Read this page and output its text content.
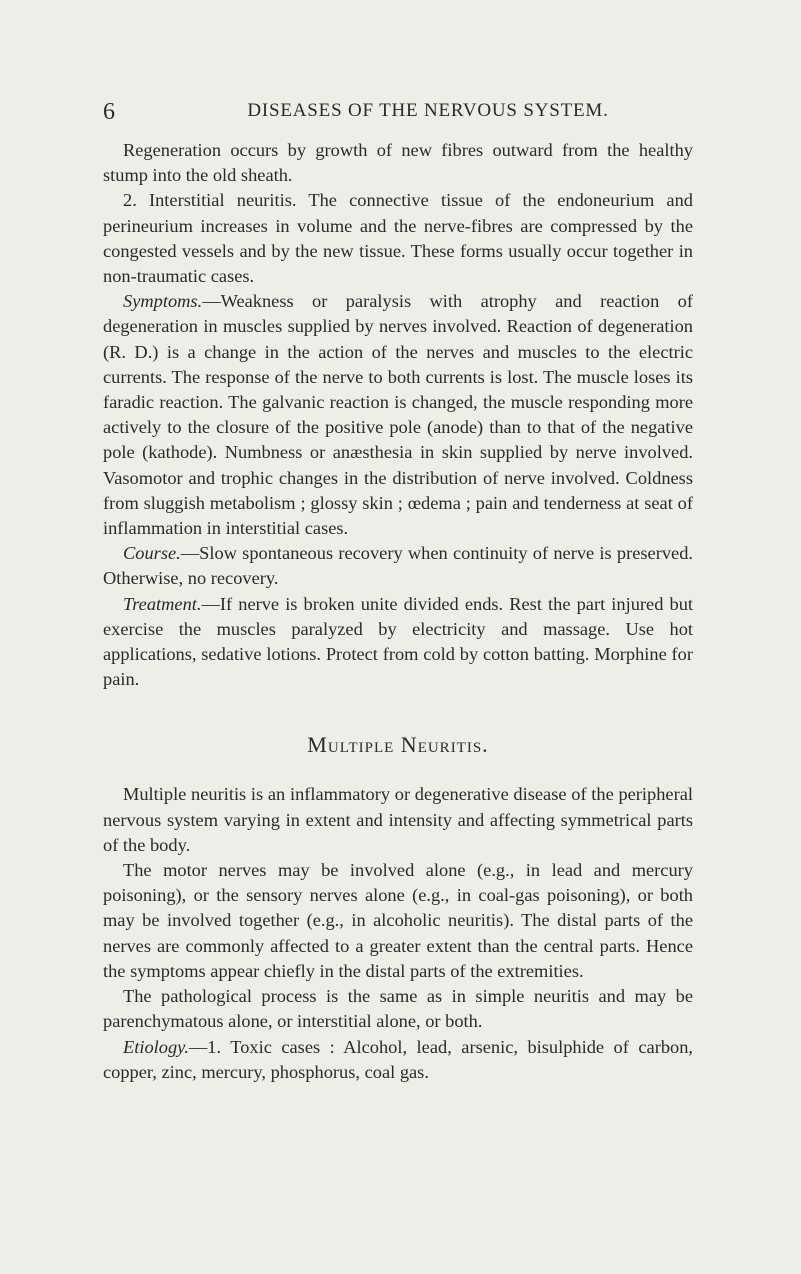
6	DISEASES OF THE NERVOUS SYSTEM.

Regeneration occurs by growth of new fibres outward from the healthy stump into the old sheath.

2. Interstitial neuritis. The connective tissue of the endoneurium and perineurium increases in volume and the nerve-fibres are compressed by the congested vessels and by the new tissue. These forms usually occur together in non-traumatic cases.

Symptoms.—Weakness or paralysis with atrophy and reaction of degeneration in muscles supplied by nerves involved. Reaction of degeneration (R. D.) is a change in the action of the nerves and muscles to the electric currents. The response of the nerve to both currents is lost. The muscle loses its faradic reaction. The galvanic reaction is changed, the muscle responding more actively to the closure of the positive pole (anode) than to that of the negative pole (kathode). Numbness or anæsthesia in skin supplied by nerve involved. Vasomotor and trophic changes in the distribution of nerve involved. Coldness from sluggish metabolism ; glossy skin ; œdema ; pain and tenderness at seat of inflammation in interstitial cases.

Course.—Slow spontaneous recovery when continuity of nerve is preserved. Otherwise, no recovery.

Treatment.—If nerve is broken unite divided ends. Rest the part injured but exercise the muscles paralyzed by electricity and massage. Use hot applications, sedative lotions. Protect from cold by cotton batting. Morphine for pain.

Multiple Neuritis.

Multiple neuritis is an inflammatory or degenerative disease of the peripheral nervous system varying in extent and intensity and affecting symmetrical parts of the body.

The motor nerves may be involved alone (e.g., in lead and mercury poisoning), or the sensory nerves alone (e.g., in coal-gas poisoning), or both may be involved together (e.g., in alcoholic neuritis). The distal parts of the nerves are commonly affected to a greater extent than the central parts. Hence the symptoms appear chiefly in the distal parts of the extremities.

The pathological process is the same as in simple neuritis and may be parenchymatous alone, or interstitial alone, or both.

Etiology.—1. Toxic cases : Alcohol, lead, arsenic, bisulphide of carbon, copper, zinc, mercury, phosphorus, coal gas.
